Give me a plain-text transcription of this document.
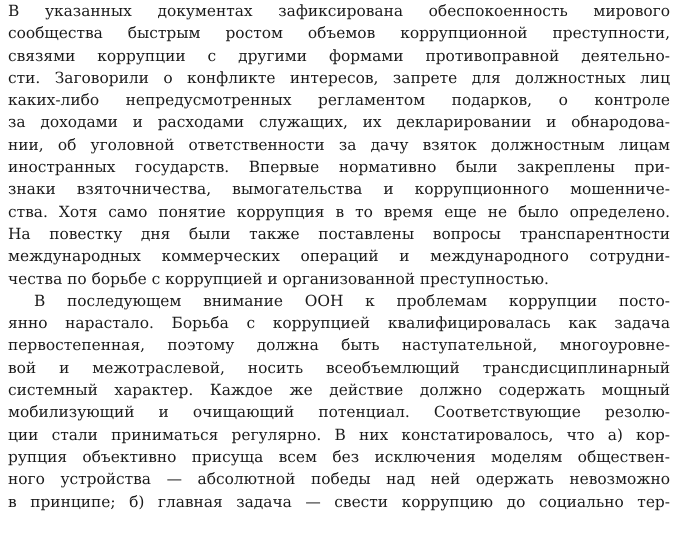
В указанных документах зафиксирована обеспокоенность мирового
сообщества быстрым ростом объемов коррупционной преступности,
связями коррупции с другими формами противоправной деятельно-
сти. Заговорили о конфликте интересов, запрете для должностных лиц
каких-либо непредусмотренных регламентом подарков, о контроле
за доходами и расходами служащих, их декларировании и обнародова-
нии, об уголовной ответственности за дачу взяток должностным лицам
иностранных государств. Впервые нормативно были закреплены при-
знаки взяточничества, вымогательства и коррупционного мошенниче-
ства. Хотя само понятие коррупция в то время еще не было определено.
На повестку дня были также поставлены вопросы транспарентности
международных коммерческих операций и международного сотрудни-
чества по борьбе с коррупцией и организованной преступностью.
В последующем внимание ООН к проблемам коррупции посто-
янно нарастало. Борьба с коррупцией квалифицировалась как задача
первостепенная, поэтому должна быть наступательной, многоуровне-
вой и межотраслевой, носить всеобъемлющий трансдисциплинарный
системный характер. Каждое же действие должно содержать мощный
мобилизующий и очищающий потенциал. Соответствующие резолю-
ции стали приниматься регулярно. В них констатировалось, что а) кор-
рупция объективно присуща всем без исключения моделям обществен-
ного устройства — абсолютной победы над ней одержать невозможно
в принципе; б) главная задача — свести коррупцию до социально тер-
